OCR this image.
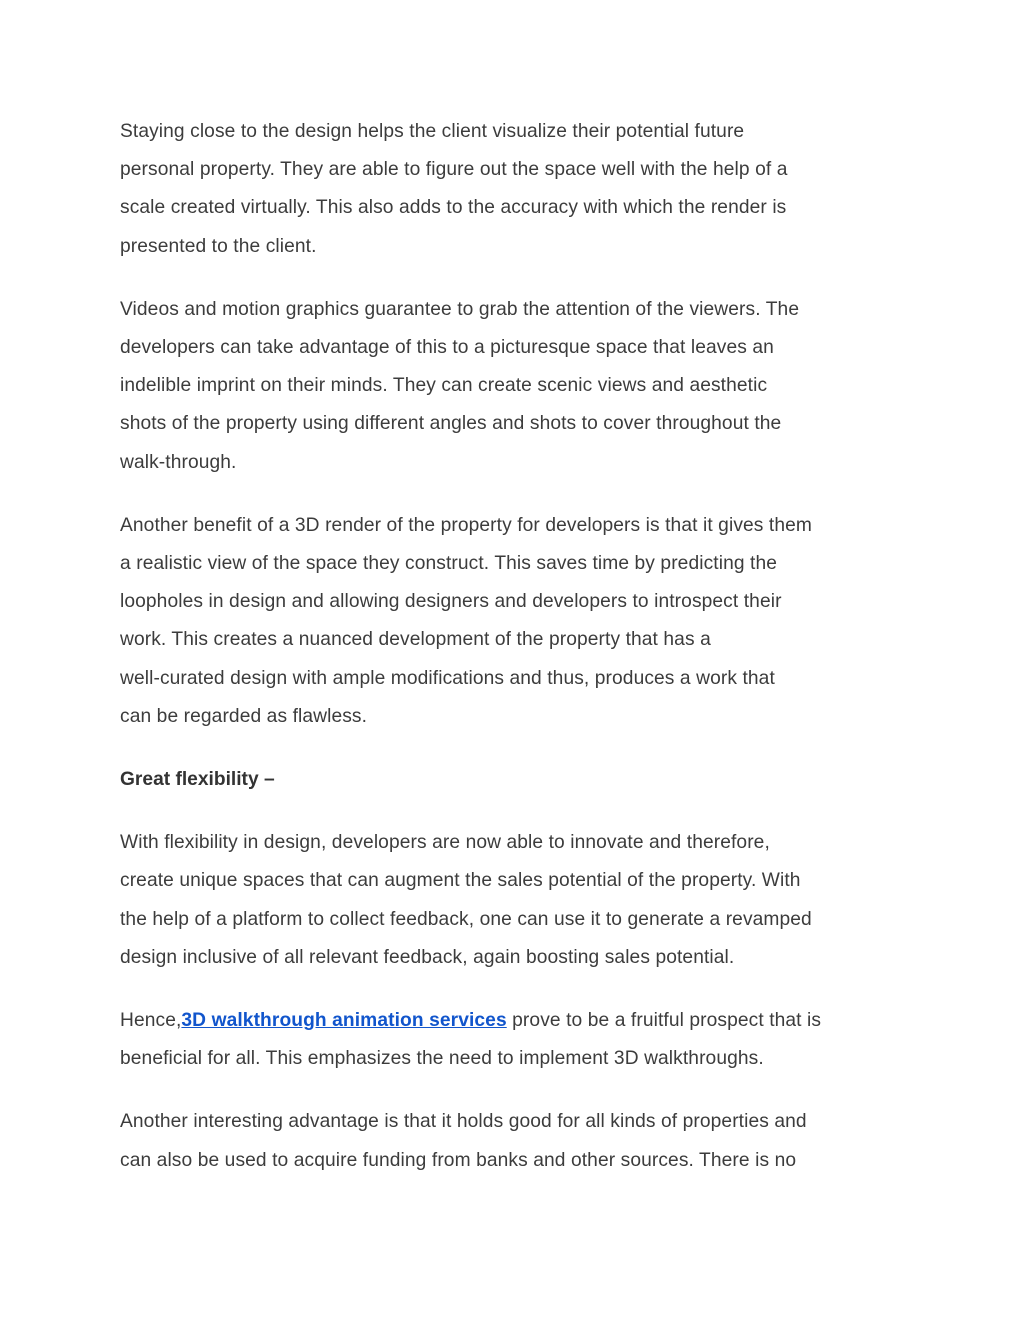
Staying close to the design helps the client visualize their potential future
personal property. They are able to figure out the space well with the help of a
scale created virtually. This also adds to the accuracy with which the render is
presented to the client.

Videos and motion graphics guarantee to grab the attention of the viewers. The
developers can take advantage of this to a picturesque space that leaves an
indelible imprint on their minds. They can create scenic views and aesthetic
shots of the property using different angles and shots to cover throughout the
walk-through.

Another benefit of a 3D render of the property for developers is that it gives them
a realistic view of the space they construct. This saves time by predicting the
loopholes in design and allowing designers and developers to introspect their
work. This creates a nuanced development of the property that has a
well-curated design with ample modifications and thus, produces a work that
can be regarded as flawless.

Great flexibility –

With flexibility in design, developers are now able to innovate and therefore,
create unique spaces that can augment the sales potential of the property. With
the help of a platform to collect feedback, one can use it to generate a revamped
design inclusive of all relevant feedback, again boosting sales potential.

Hence,3D walkthrough animation services prove to be a fruitful prospect that is
beneficial for all. This emphasizes the need to implement 3D walkthroughs.

Another interesting advantage is that it holds good for all kinds of properties and
can also be used to acquire funding from banks and other sources. There is no
